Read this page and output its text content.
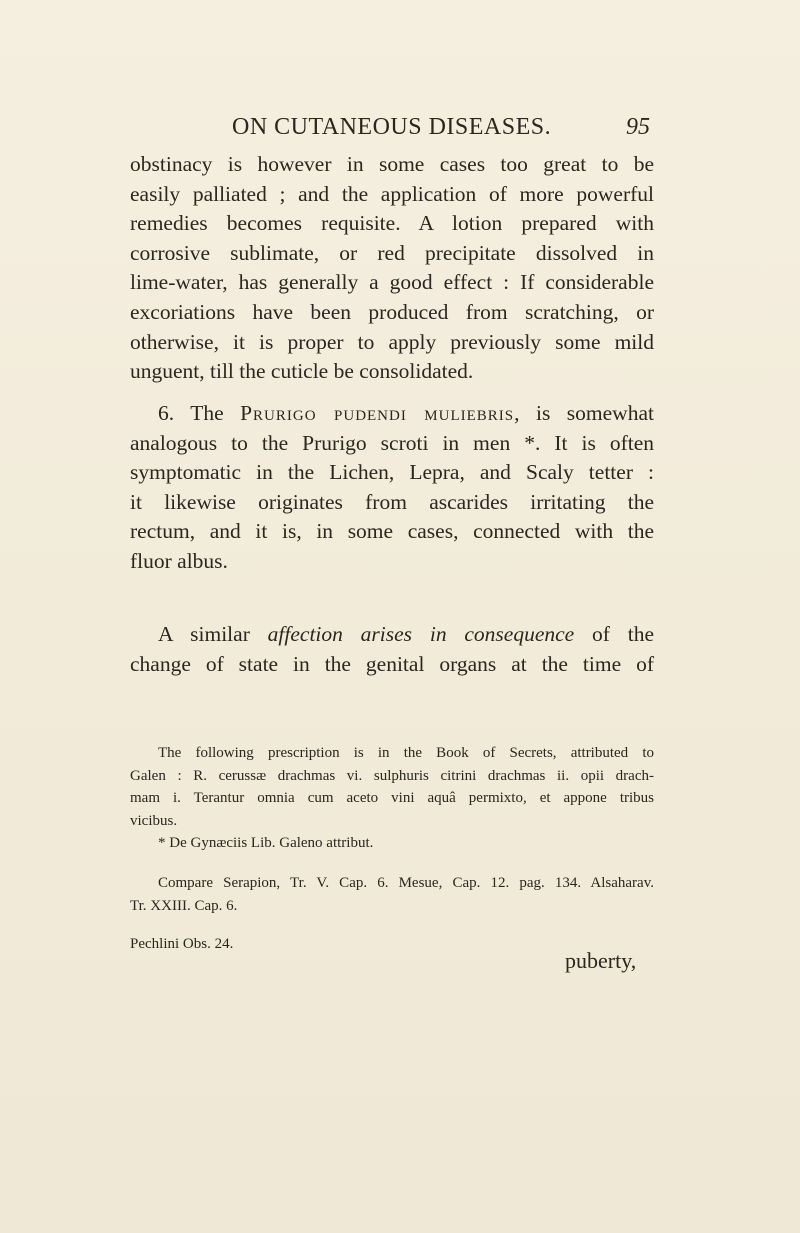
ON CUTANEOUS DISEASES.	95
obstinacy is however in some cases too great to be
easily palliated ; and the application of more powerful
remedies becomes requisite. A lotion prepared with
corrosive sublimate, or red precipitate dissolved in
lime-water, has generally a good effect : If considerable
excoriations have been produced from scratching, or
otherwise, it is proper to apply previously some mild
unguent, till the cuticle be consolidated.
6. The Prurigo pudendi muliebris, is somewhat
analogous to the Prurigo scroti in men *. It is often
symptomatic in the Lichen, Lepra, and Scaly tetter :
it likewise originates from ascarides irritating the
rectum, and it is, in some cases, connected with the
fluor albus.
A similar affection arises in consequence of the
change of state in the genital organs at the time of
The following prescription is in the Book of Secrets, attributed to
Galen : R. cerussæ drachmas vi. sulphuris citrini drachmas ii. opii drach-
mam i. Terantur omnia cum aceto vini aquâ permixto, et appone tribus
vicibus.
* De Gynæciis Lib. Galeno attribut.
Compare Serapion, Tr. V. Cap. 6. Mesue, Cap. 12. pag. 134. Alsaharav.
Tr. XXIII. Cap. 6.
Pechlini Obs. 24.
puberty,
